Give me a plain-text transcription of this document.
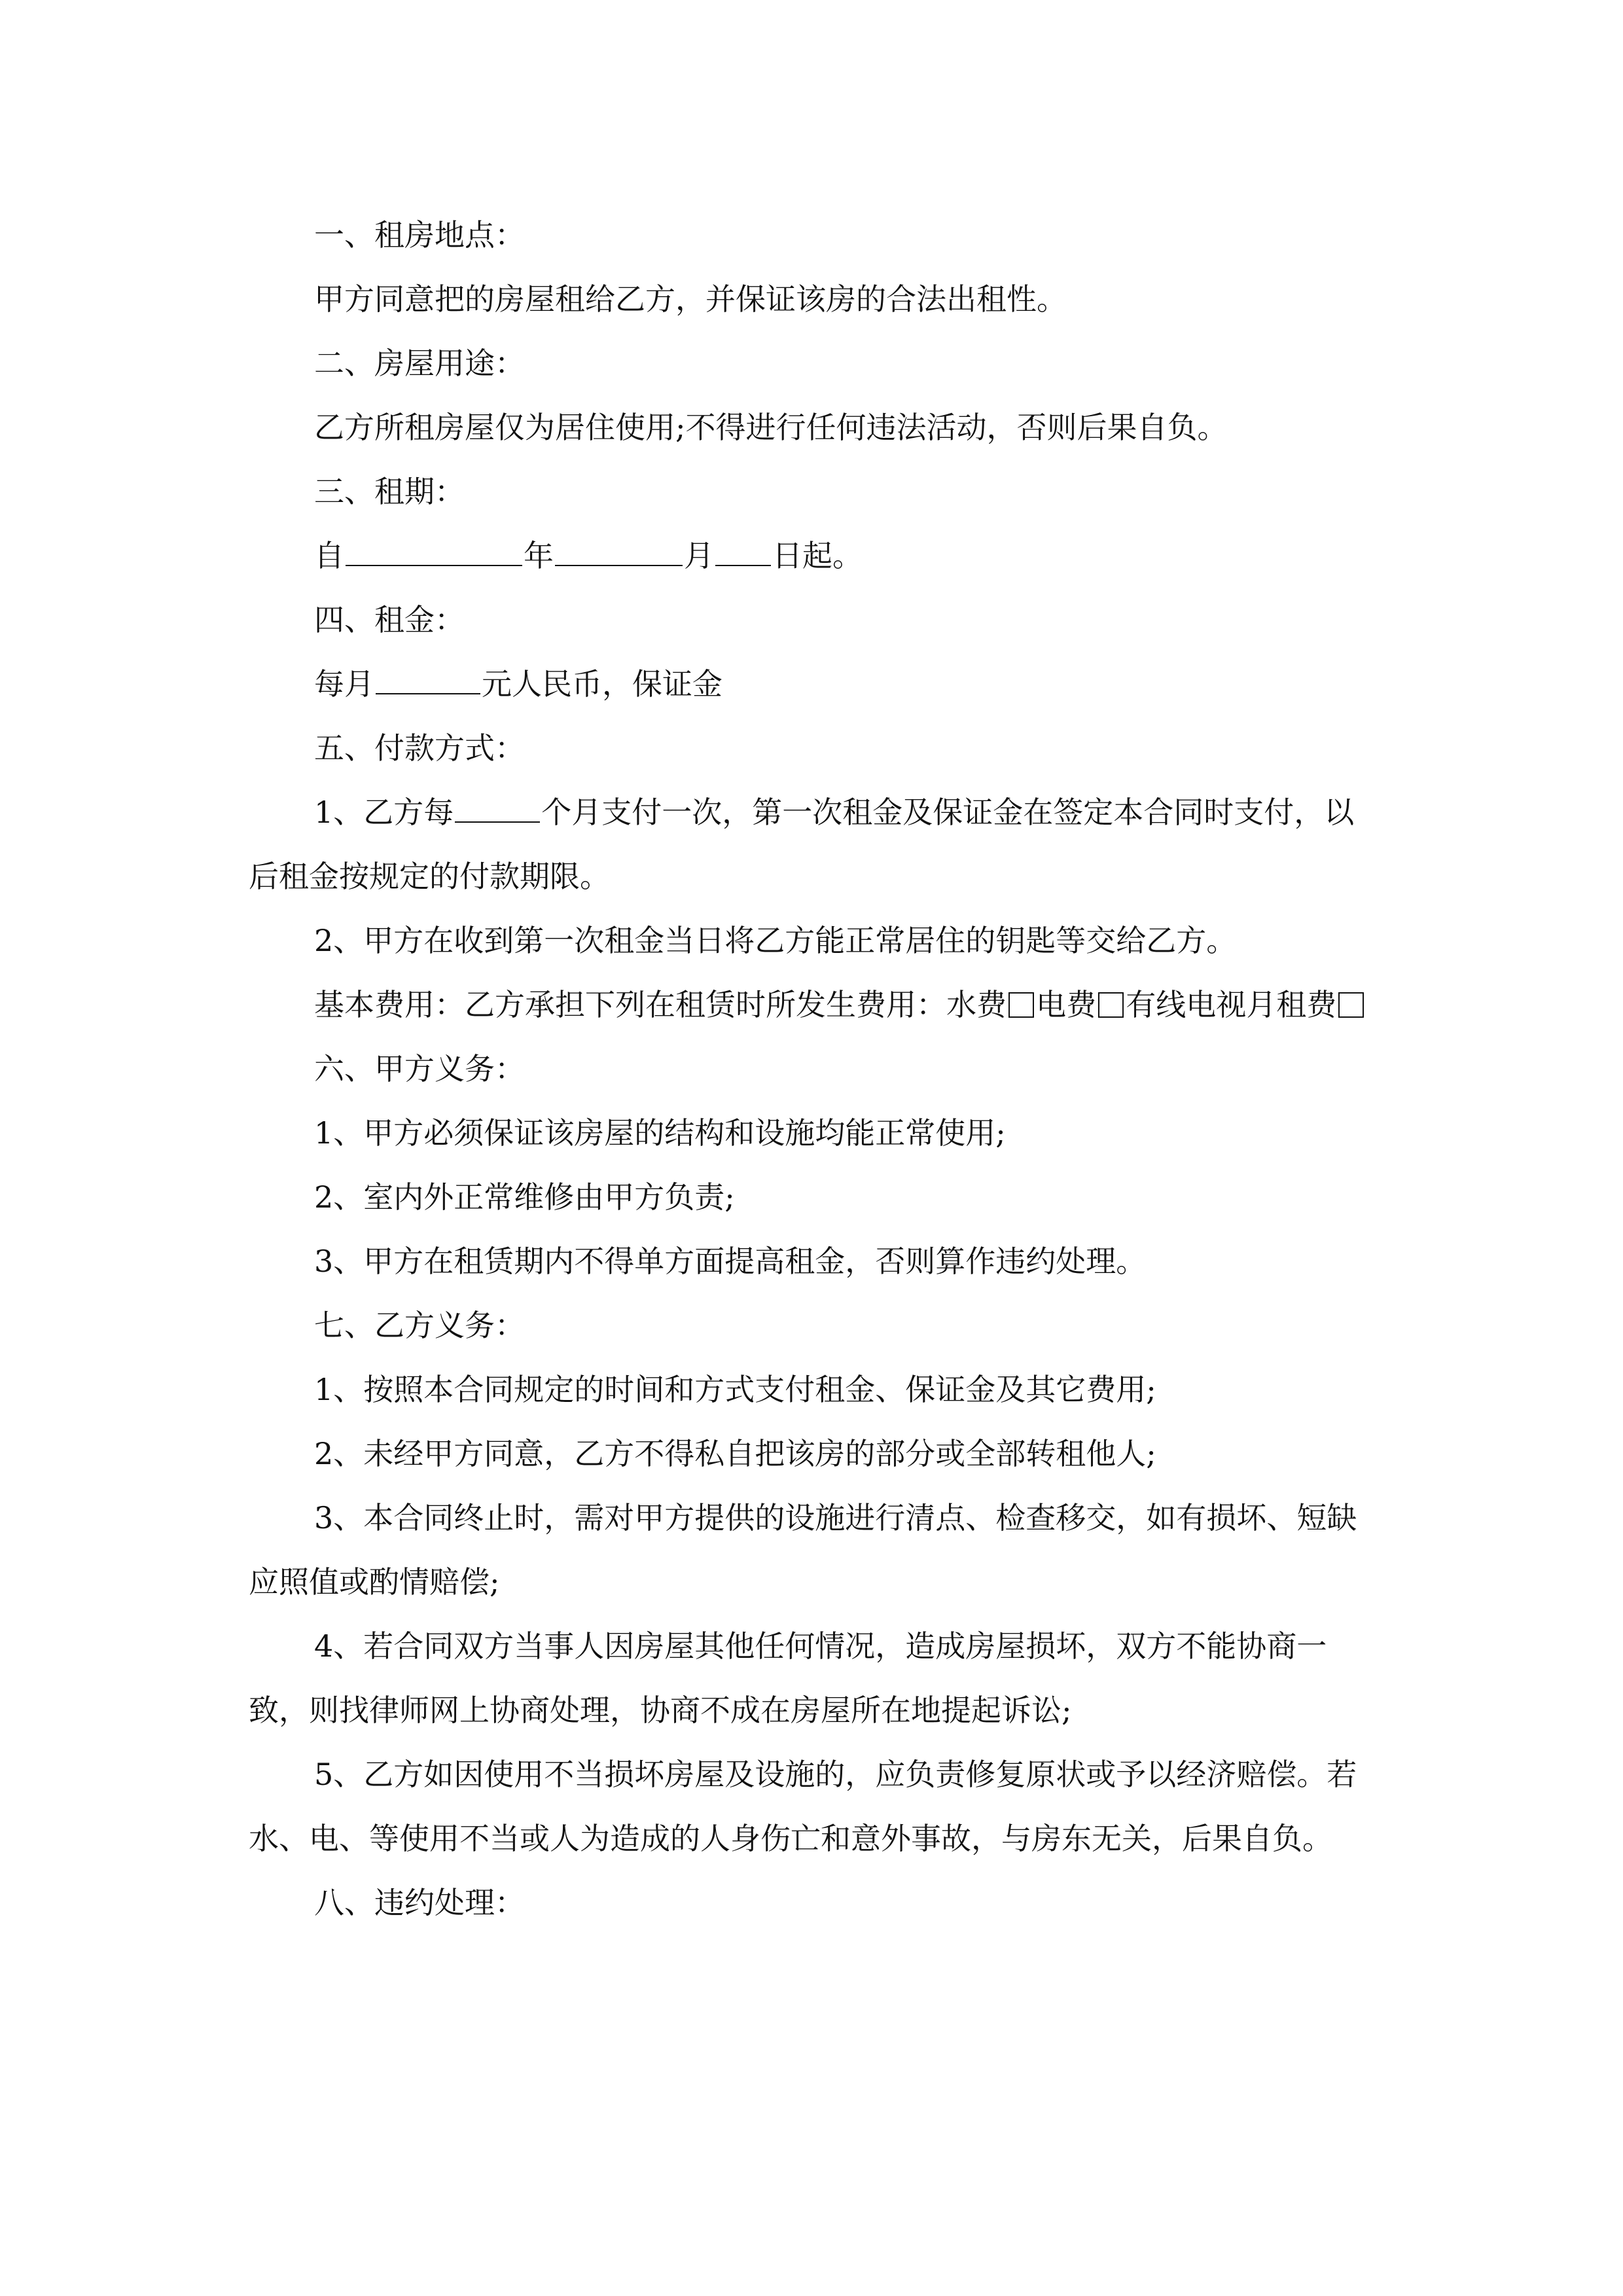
一、租房地点：

甲方同意把的房屋租给乙方，并保证该房的合法出租性。

二、房屋用途：

乙方所租房屋仅为居住使用;不得进行任何违法活动，否则后果自负。

三、租期：

自	年	月 日起。

四、租金：

每月	元人民币，保证金

五、付款方式：

1、乙方每	个月支付一次，第一次租金及保证金在签定本合同时支付，以后租金按规定的付款期限。

2、甲方在收到第一次租金当日将乙方能正常居住的钥匙等交给乙方。

基本费用：乙方承担下列在租赁时所发生费用：水费 电费 有线电视月租费

六、甲方义务：

1、甲方必须保证该房屋的结构和设施均能正常使用;

2、室内外正常维修由甲方负责;

3、甲方在租赁期内不得单方面提高租金，否则算作违约处理。

七、乙方义务：

1、按照本合同规定的时间和方式支付租金、保证金及其它费用;

2、未经甲方同意，乙方不得私自把该房的部分或全部转租他人;

3、本合同终止时，需对甲方提供的设施进行清点、检查移交，如有损坏、短缺应照值或酌情赔偿;

4、若合同双方当事人因房屋其他任何情况，造成房屋损坏，双方不能协商一致，则找律师网上协商处理，协商不成在房屋所在地提起诉讼;

5、乙方如因使用不当损坏房屋及设施的，应负责修复原状或予以经济赔偿。若水、电、等使用不当或人为造成的人身伤亡和意外事故，与房东无关，后果自负。

八、违约处理：
